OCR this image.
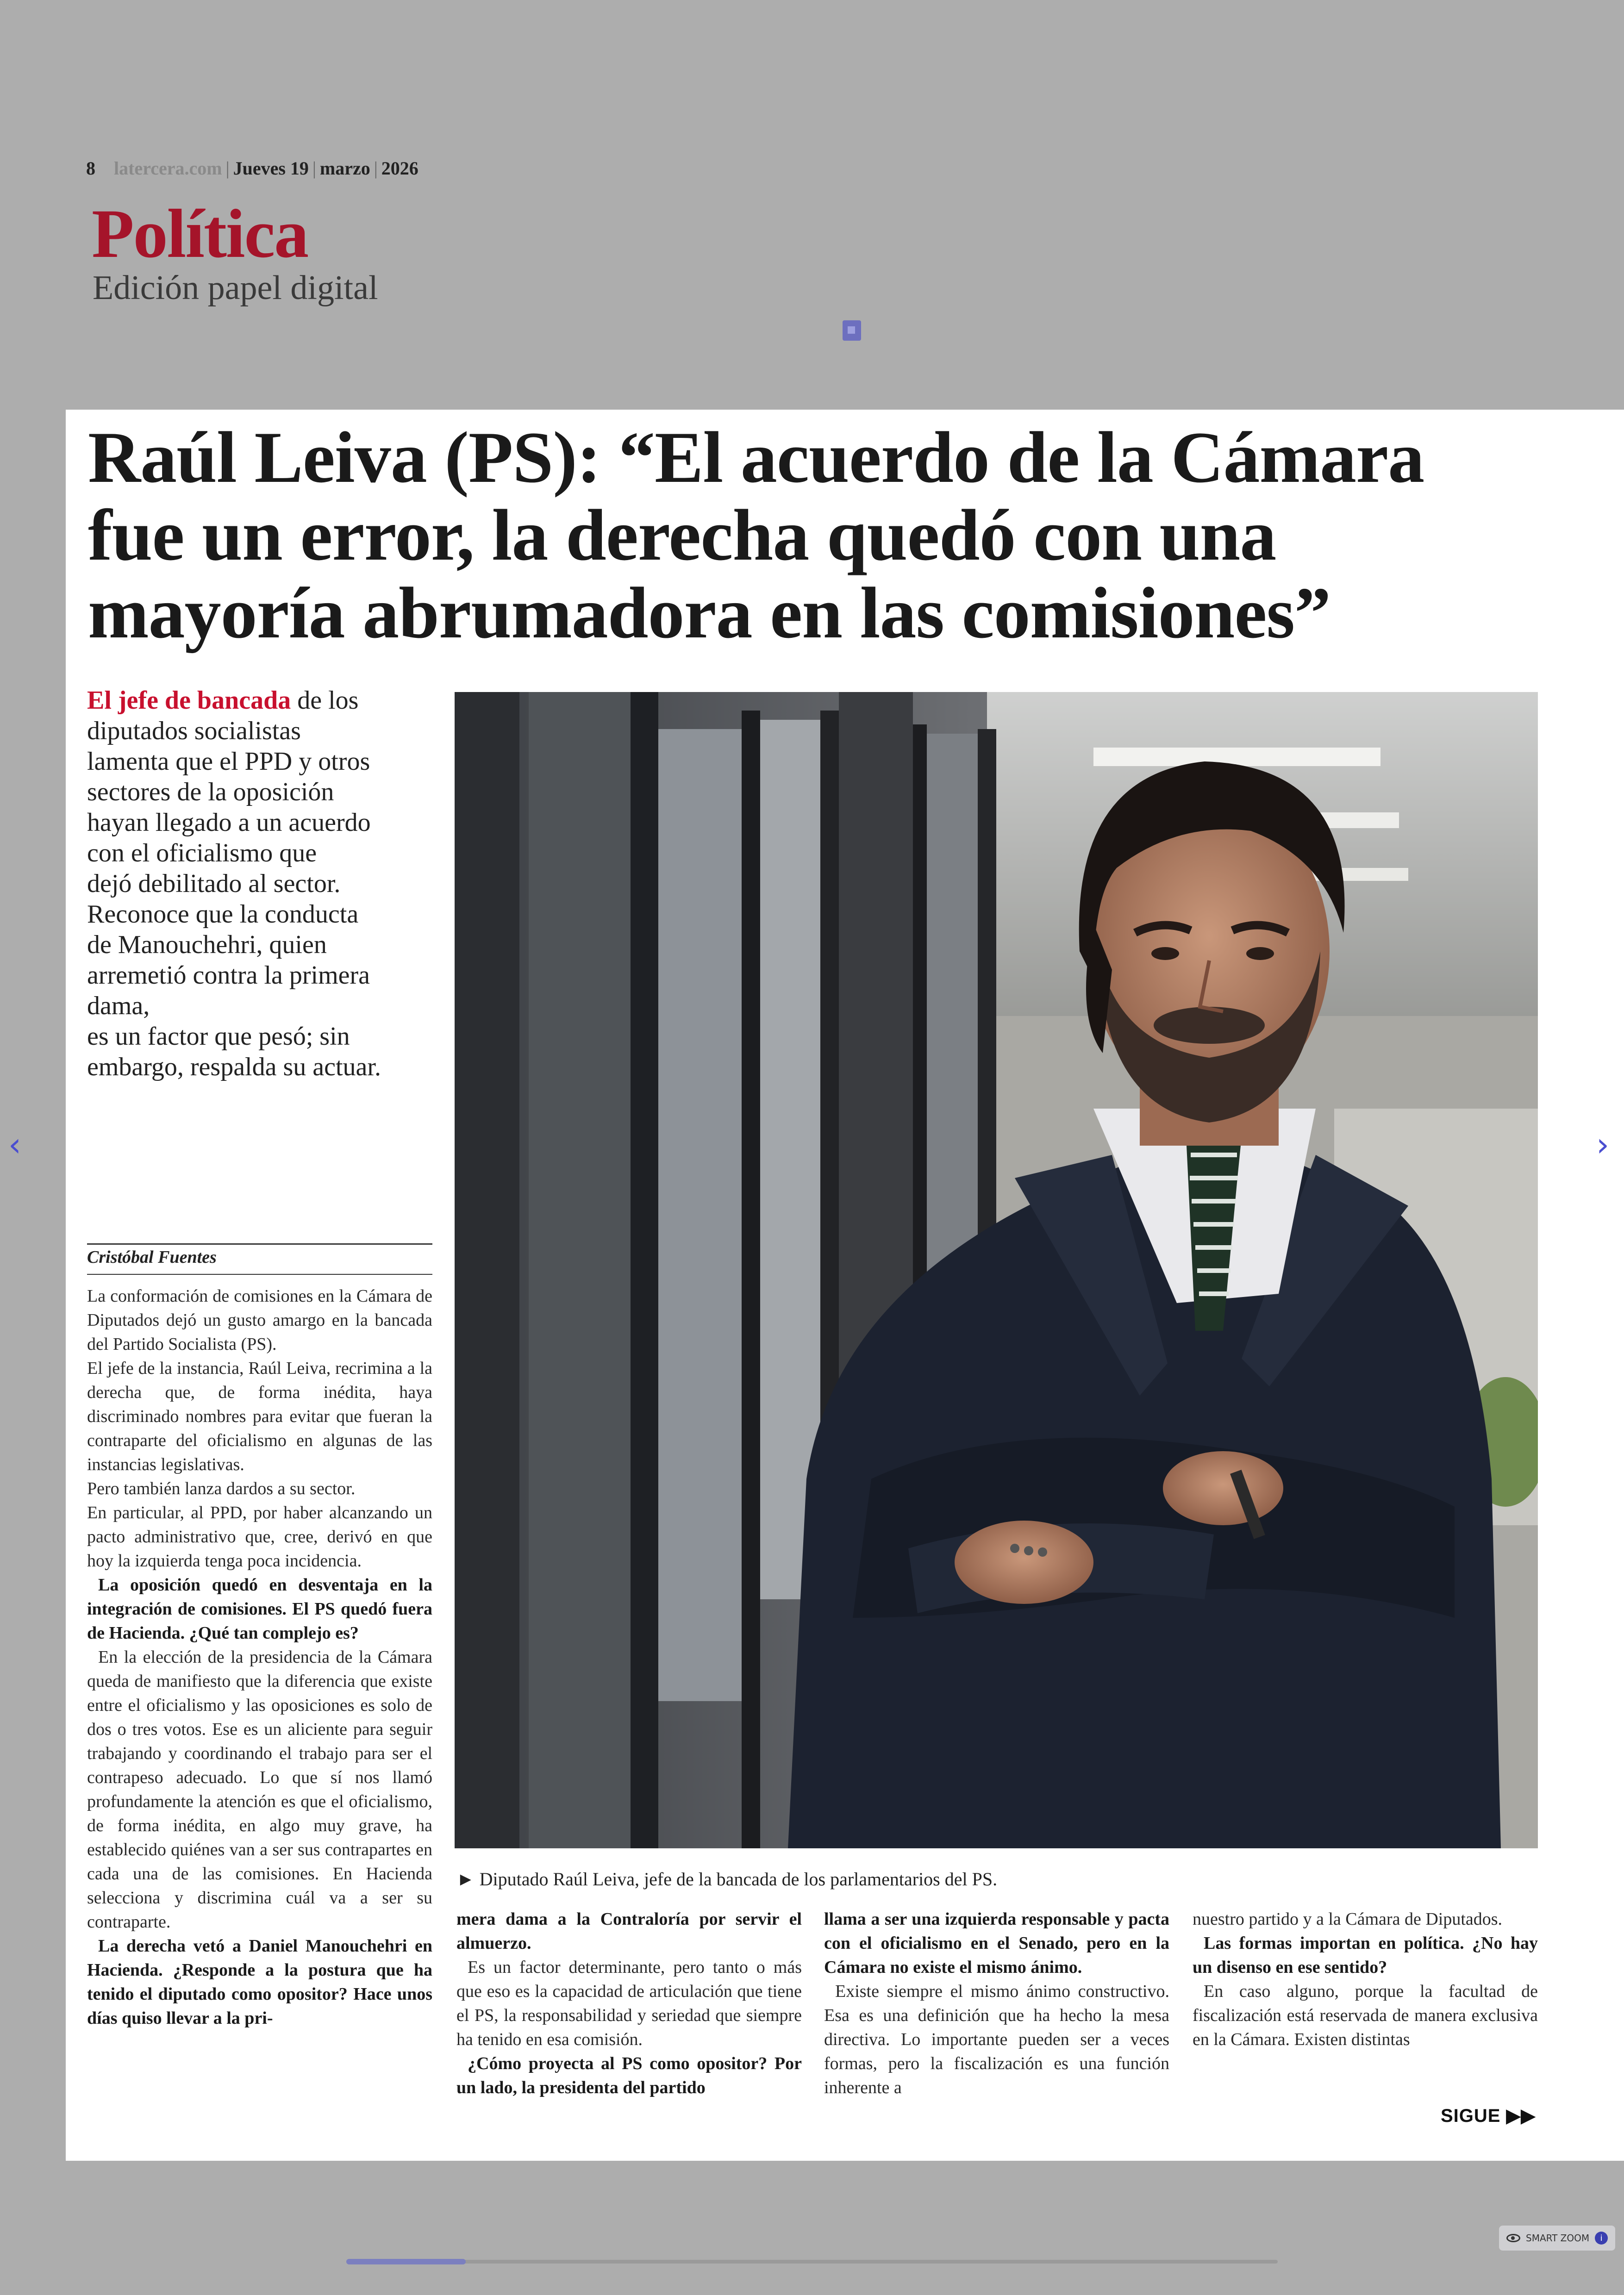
8 latercera.com | Jueves 19 | marzo | 2026
Política
Edición papel digital
Raúl Leiva (PS): “El acuerdo de la Cámara
fue un error, la derecha quedó con una
mayoría abrumadora en las comisiones”
El jefe de bancada de los
diputados socialistas
lamenta que el PPD y otros
sectores de la oposición
hayan llegado a un acuerdo
con el oficialismo que
dejó debilitado al sector.
Reconoce que la conducta
de Manouchehri, quien
arremetió contra la primera
dama,
es un factor que pesó; sin
embargo, respalda su actuar.
► Diputado Raúl Leiva, jefe de la bancada de los parlamentarios del PS.
Cristóbal Fuentes

La conformación de comisiones en la Cámara de Diputados dejó un gusto amargo en la bancada del Partido Socialista (PS).

El jefe de la instancia, Raúl Leiva, recrimina a la derecha que, de forma inédita, haya discriminado nombres para evitar que fueran la contraparte del oficialismo en algunas de las instancias legislativas.

Pero también lanza dardos a su sector.

En particular, al PPD, por haber alcanzando un pacto administrativo que, cree, derivó en que hoy la izquierda tenga poca incidencia.

La oposición quedó en desventaja en la integración de comisiones. El PS quedó fuera de Hacienda. ¿Qué tan complejo es?

En la elección de la presidencia de la Cámara queda de manifiesto que la diferencia que existe entre el oficialismo y las oposiciones es solo de dos o tres votos. Ese es un aliciente para seguir trabajando y coordinando el trabajo para ser el contrapeso adecuado. Lo que sí nos llamó profundamente la atención es que el oficialismo, de forma inédita, en algo muy grave, ha establecido quiénes van a ser sus contrapartes en cada una de las comisiones. En Hacienda selecciona y discrimina cuál va a ser su contraparte.

La derecha vetó a Daniel Manouchehri en Hacienda. ¿Responde a la postura que ha tenido el diputado como opositor? Hace unos días quiso llevar a la pri-

mera dama a la Contraloría por servir el almuerzo.

Es un factor determinante, pero tanto o más que eso es la capacidad de articulación que tiene el PS, la responsabilidad y seriedad que siempre ha tenido en esa comisión.

¿Cómo proyecta al PS como opositor? Por un lado, la presidenta del partido

llama a ser una izquierda responsable y pacta con el oficialismo en el Senado, pero en la Cámara no existe el mismo ánimo.

Existe siempre el mismo ánimo constructivo. Esa es una definición que ha hecho la mesa directiva. Lo importante pueden ser a veces formas, pero la fiscalización es una función inherente a

nuestro partido y a la Cámara de Diputados.

Las formas importan en política. ¿No hay un disenso en ese sentido?

En caso alguno, porque la facultad de fiscalización está reservada de manera exclusiva en la Cámara. Existen distintas

SIGUE ▶▶
‹	›
SMART ZOOM	i
